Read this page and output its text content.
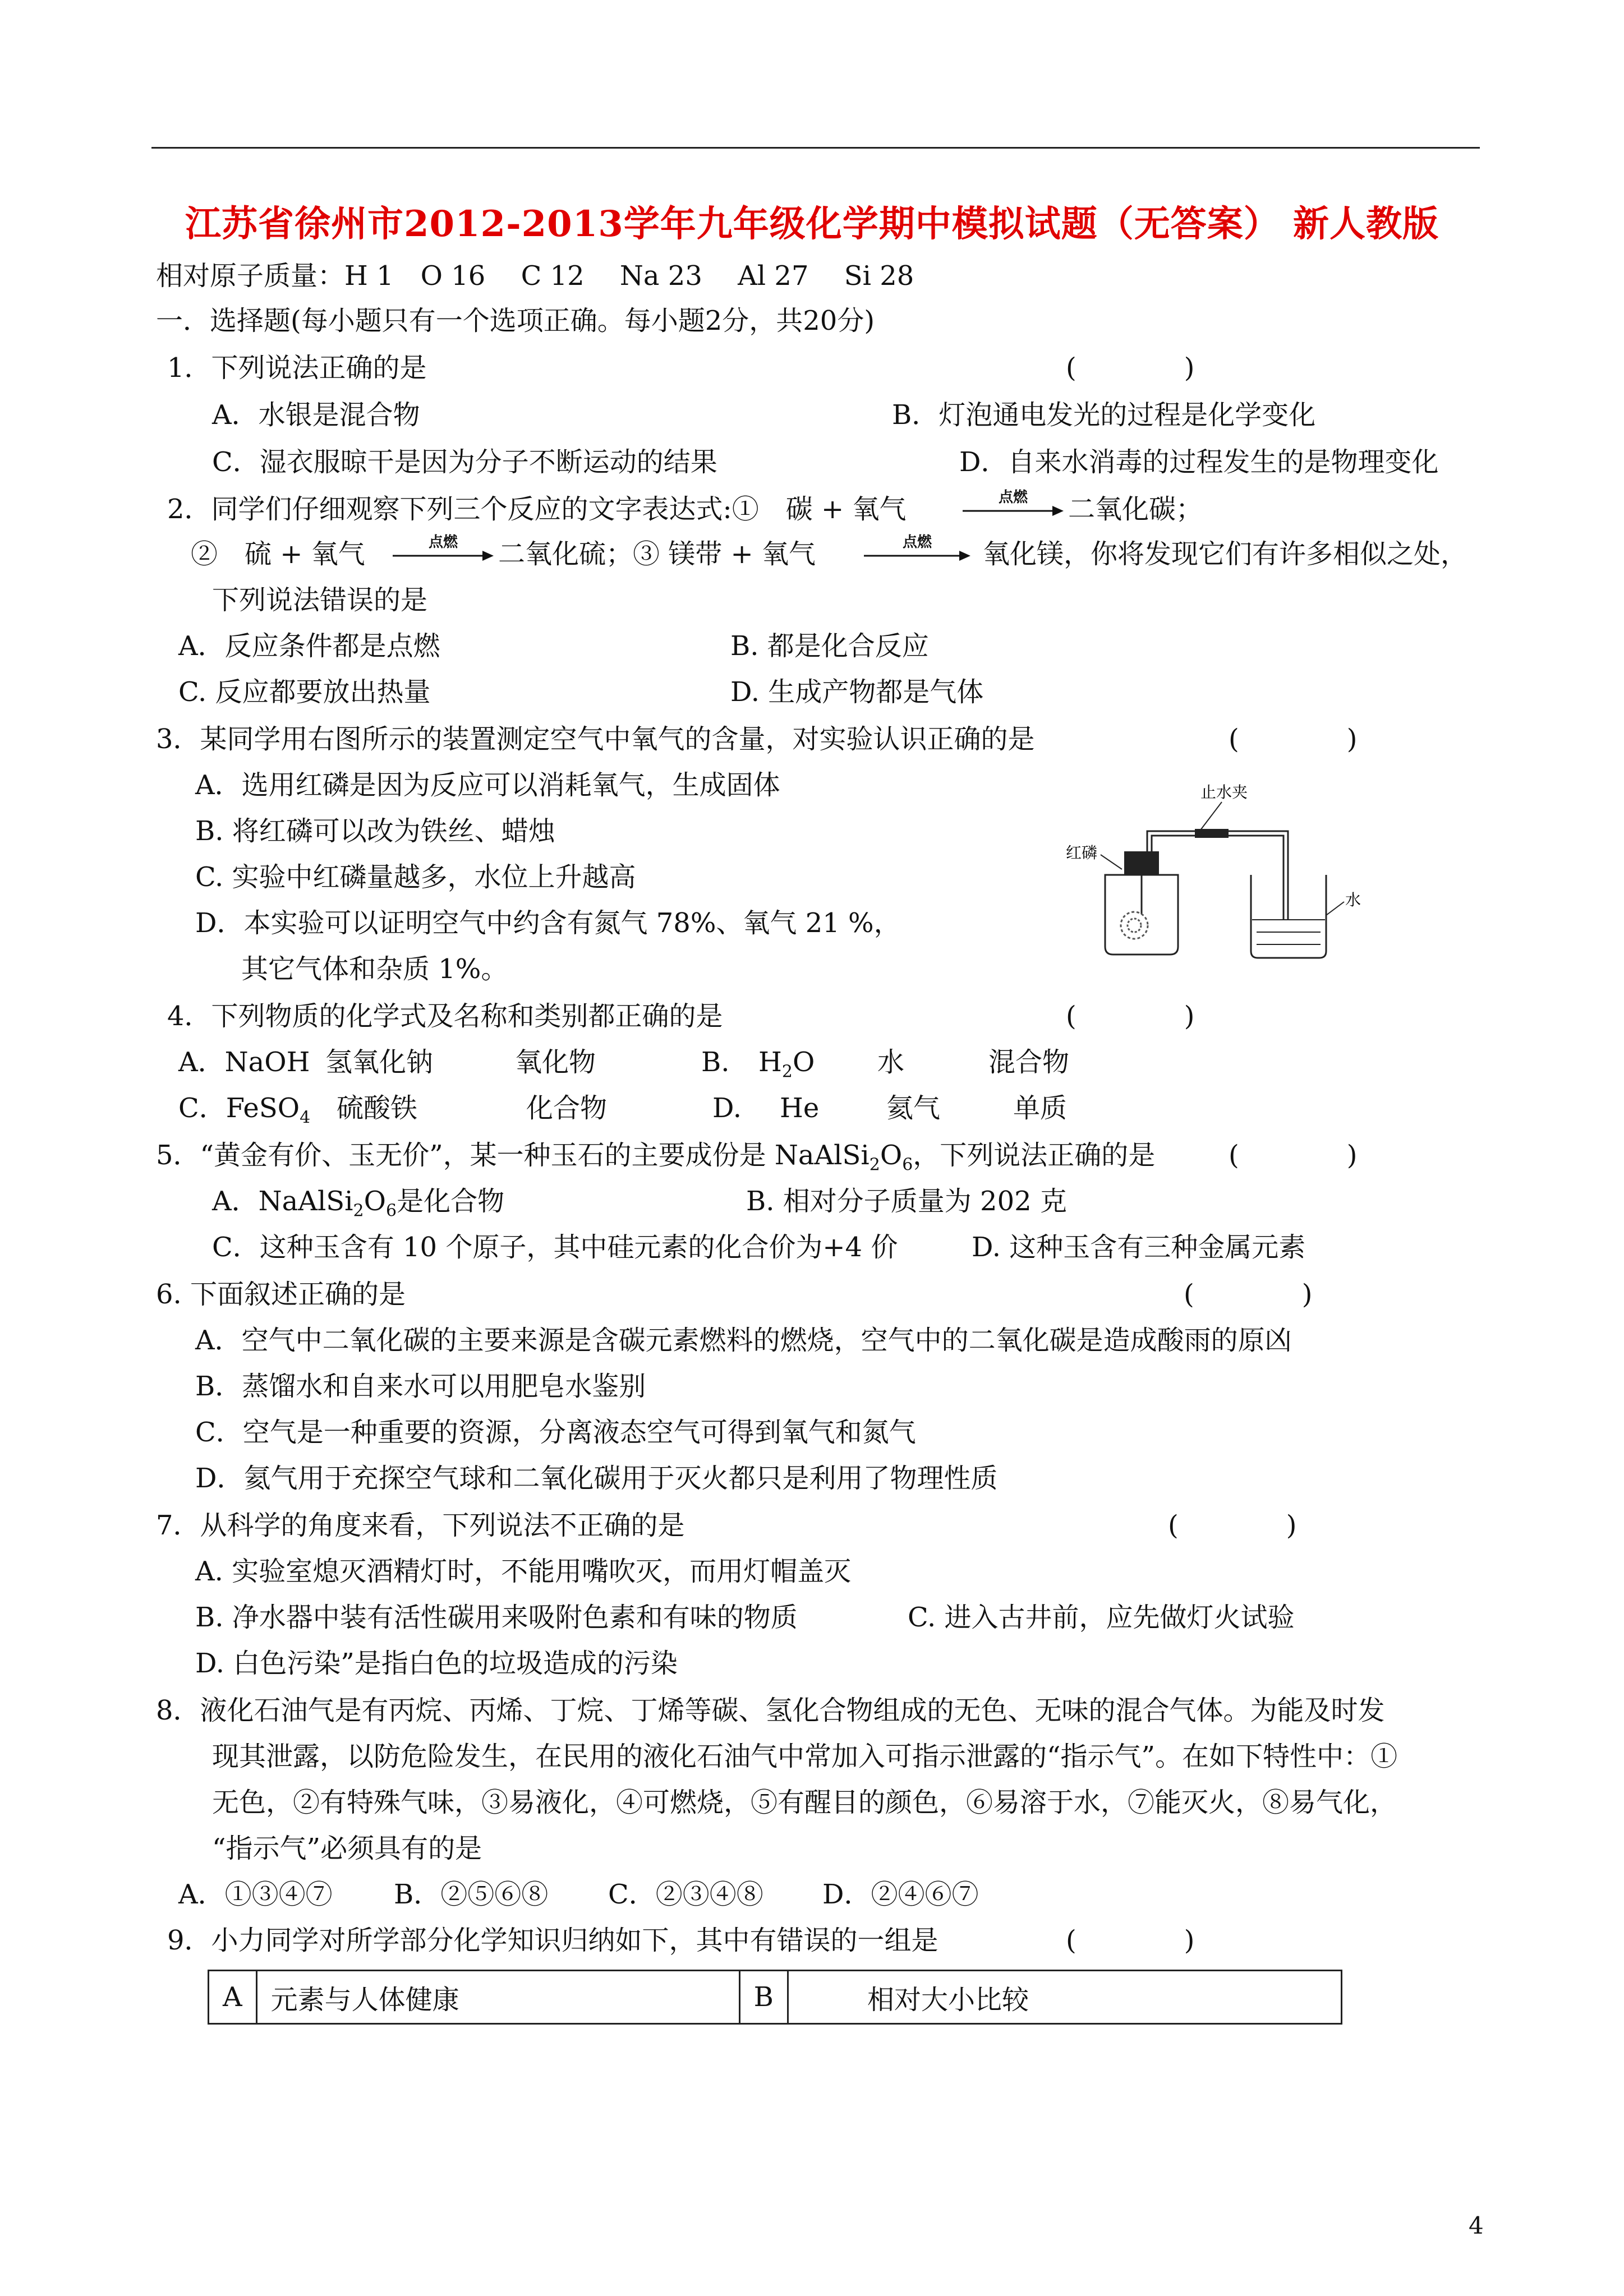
江苏省徐州市2012-2013学年九年级化学期中模拟试题（无答案） 新人教版
相对原子质量：H 1　O 16　 C 12　 Na 23　 Al 27　 Si 28
一．选择题(每小题只有一个选项正确。每小题2分，共20分)
1．下列说法正确的是	(　　　　)
A．水银是混合物	B．灯泡通电发光的过程是化学变化
C．湿衣服晾干是因为分子不断运动的结果	D．自来水消毒的过程发生的是物理变化
2．同学们仔细观察下列三个反应的文字表达式:①　碳 + 氧气	点燃	二氧化碳；
②　硫 + 氧气	点燃	二氧化硫；③ 镁带 + 氧气	点燃	氧化镁，你将发现它们有许多相似之处，
下列说法错误的是
A．反应条件都是点燃	B. 都是化合反应
C. 反应都要放出热量	D. 生成产物都是气体
3．某同学用右图所示的装置测定空气中氧气的含量，对实验认识正确的是	(　　　　)
A．选用红磷是因为反应可以消耗氧气，生成固体
B. 将红磷可以改为铁丝、蜡烛
C. 实验中红磷量越多，水位上升越高
D．本实验可以证明空气中约含有氮气 78%、氧气 21 %，
其它气体和杂质 1%。
止水夹
红磷
水
4．下列物质的化学式及名称和类别都正确的是	(　　　　)
A．NaOH 氢氧化钠	氧化物	B. $H_2O$ 水	混合物
C．FeSO$_4$ 硫酸铁	化合物	D. He 氦气	单质
5．“黄金有价、玉无价”，某一种玉石的主要成份是 $NaAlSi_2O_6$，下列说法正确的是	(　　　　)
A．$NaAlSi_2O_6$是化合物	B. 相对分子质量为 202 克
C．这种玉含有 10 个原子，其中硅元素的化合价为+4 价	D. 这种玉含有三种金属元素
6. 下面叙述正确的是	(　　　　)
A．空气中二氧化碳的主要来源是含碳元素燃料的燃烧，空气中的二氧化碳是造成酸雨的原凶
B．蒸馏水和自来水可以用肥皂水鉴别
C．空气是一种重要的资源，分离液态空气可得到氧气和氮气
D．氦气用于充探空气球和二氧化碳用于灭火都只是利用了物理性质
7．从科学的角度来看，下列说法不正确的是	(　　　　)
A. 实验室熄灭酒精灯时，不能用嘴吹灭，而用灯帽盖灭
B. 净水器中装有活性碳用来吸附色素和有味的物质	C. 进入古井前，应先做灯火试验
D. 白色污染”是指白色的垃圾造成的污染
8．液化石油气是有丙烷、丙烯、丁烷、丁烯等碳、氢化合物组成的无色、无味的混合气体。为能及时发
现其泄露，以防危险发生，在民用的液化石油气中常加入可指示泄露的“指示气”。在如下特性中：①
无色，②有特殊气味，③易液化，④可燃烧，⑤有醒目的颜色，⑥易溶于水，⑦能灭火，⑧易气化，
“指示气”必须具有的是
A．①③④⑦ B．②⑤⑥⑧ C．②③④⑧ D．②④⑥⑦
9．小力同学对所学部分化学知识归纳如下，其中有错误的一组是	(　　　　)
A	元素与人体健康	B	相对大小比较
4
